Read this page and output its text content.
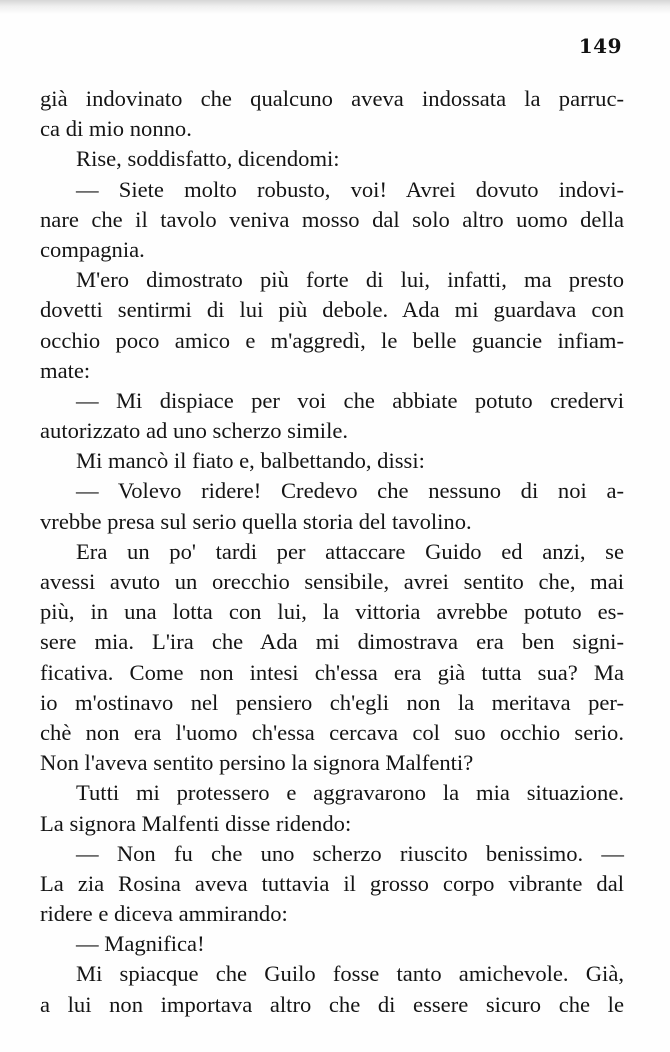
149
già indovinato che qualcuno aveva indossata la parruc-
ca di mio nonno.
Rise, soddisfatto, dicendomi:
— Siete molto robusto, voi! Avrei dovuto indovi-
nare che il tavolo veniva mosso dal solo altro uomo della
compagnia.
M'ero dimostrato più forte di lui, infatti, ma presto
dovetti sentirmi di lui più debole. Ada mi guardava con
occhio poco amico e m'aggredì, le belle guancie infiam-
mate:
— Mi dispiace per voi che abbiate potuto credervi
autorizzato ad uno scherzo simile.
Mi mancò il fiato e, balbettando, dissi:
— Volevo ridere! Credevo che nessuno di noi a-
vrebbe presa sul serio quella storia del tavolino.
Era un po' tardi per attaccare Guido ed anzi, se
avessi avuto un orecchio sensibile, avrei sentito che, mai
più, in una lotta con lui, la vittoria avrebbe potuto es-
sere mia. L'ira che Ada mi dimostrava era ben signi-
ficativa. Come non intesi ch'essa era già tutta sua? Ma
io m'ostinavo nel pensiero ch'egli non la meritava per-
chè non era l'uomo ch'essa cercava col suo occhio serio.
Non l'aveva sentito persino la signora Malfenti?
Tutti mi protessero e aggravarono la mia situazione.
La signora Malfenti disse ridendo:
— Non fu che uno scherzo riuscito benissimo. —
La zia Rosina aveva tuttavia il grosso corpo vibrante dal
ridere e diceva ammirando:
— Magnifica!
Mi spiacque che Guilo fosse tanto amichevole. Già,
a lui non importava altro che di essere sicuro che le
